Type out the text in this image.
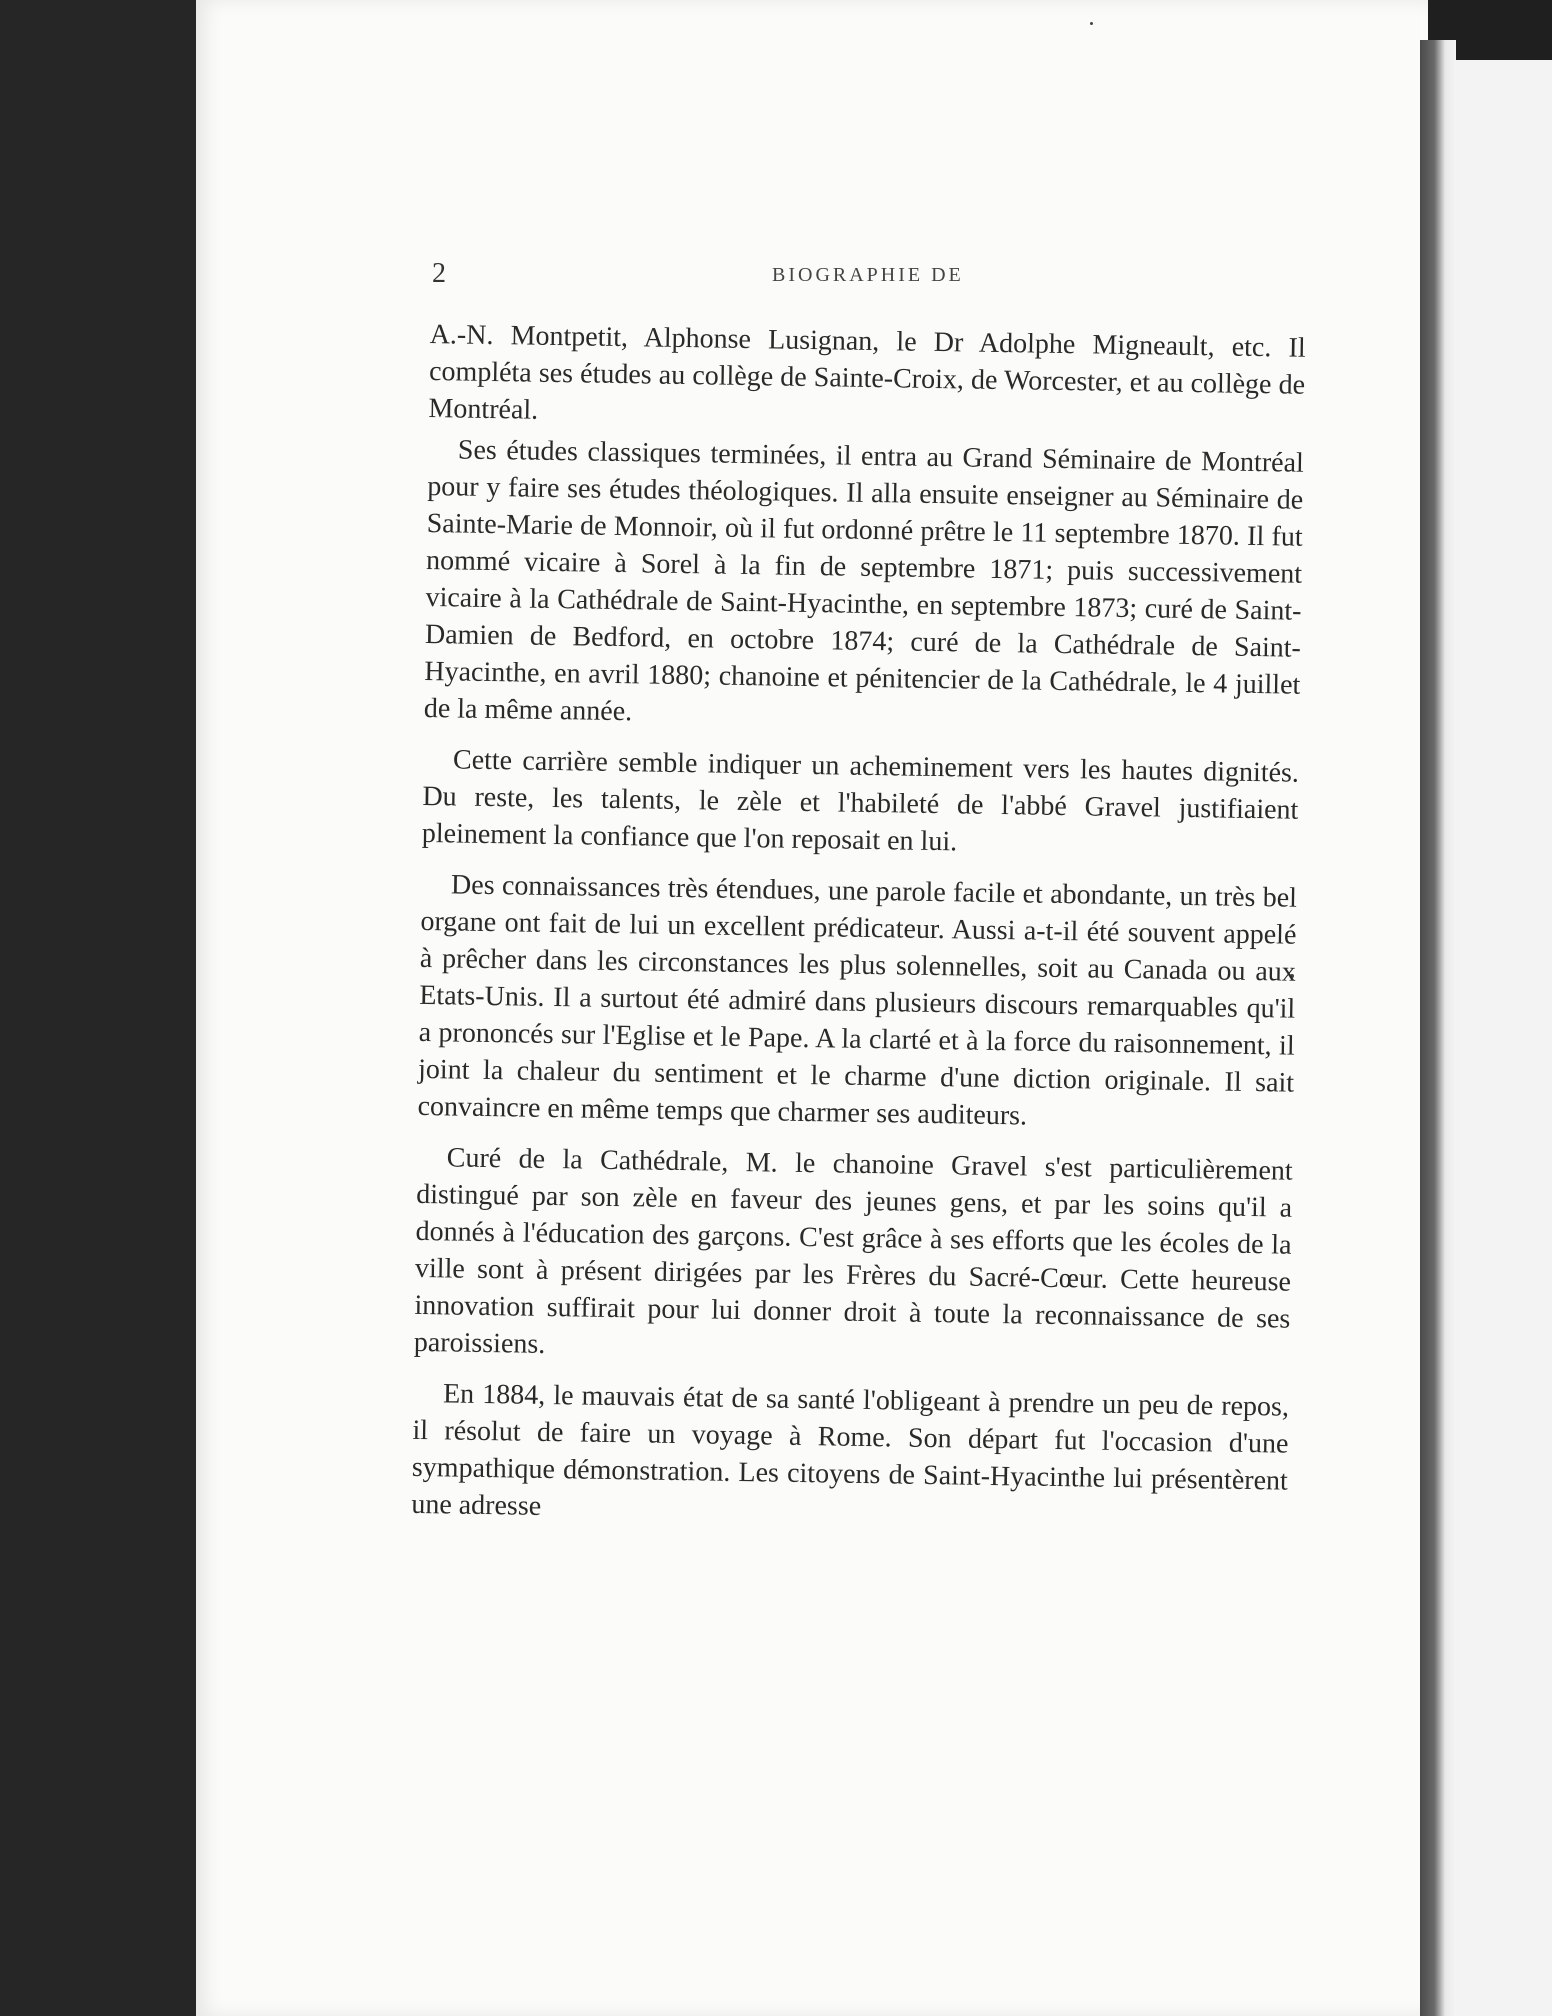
2	BIOGRAPHIE DE

A.-N. Montpetit, Alphonse Lusignan, le Dr Adolphe Migneault, etc. Il compléta ses études au collège de Sainte-Croix, de Worcester, et au collège de Montréal.

Ses études classiques terminées, il entra au Grand Séminaire de Montréal pour y faire ses études théologiques. Il alla ensuite enseigner au Séminaire de Sainte-Marie de Monnoir, où il fut ordonné prêtre le 11 septembre 1870. Il fut nommé vicaire à Sorel à la fin de septembre 1871; puis successivement vicaire à la Cathédrale de Saint-Hyacinthe, en septembre 1873; curé de Saint-Damien de Bedford, en octobre 1874; curé de la Cathédrale de Saint-Hyacinthe, en avril 1880; chanoine et pénitencier de la Cathédrale, le 4 juillet de la même année.

Cette carrière semble indiquer un acheminement vers les hautes dignités. Du reste, les talents, le zèle et l'habileté de l'abbé Gravel justifiaient pleinement la confiance que l'on reposait en lui.

Des connaissances très étendues, une parole facile et abondante, un très bel organe ont fait de lui un excellent prédicateur. Aussi a-t-il été souvent appelé à prêcher dans les circonstances les plus solennelles, soit au Canada ou aux Etats-Unis. Il a surtout été admiré dans plusieurs discours remarquables qu'il a prononcés sur l'Eglise et le Pape. A la clarté et à la force du raisonnement, il joint la chaleur du sentiment et le charme d'une diction originale. Il sait convaincre en même temps que charmer ses auditeurs.

Curé de la Cathédrale, M. le chanoine Gravel s'est particulièrement distingué par son zèle en faveur des jeunes gens, et par les soins qu'il a donnés à l'éducation des garçons. C'est grâce à ses efforts que les écoles de la ville sont à présent dirigées par les Frères du Sacré-Cœur. Cette heureuse innovation suffirait pour lui donner droit à toute la reconnaissance de ses paroissiens.

En 1884, le mauvais état de sa santé l'obligeant à prendre un peu de repos, il résolut de faire un voyage à Rome. Son départ fut l'occasion d'une sympathique démonstration. Les citoyens de Saint-Hyacinthe lui présentèrent une adresse
